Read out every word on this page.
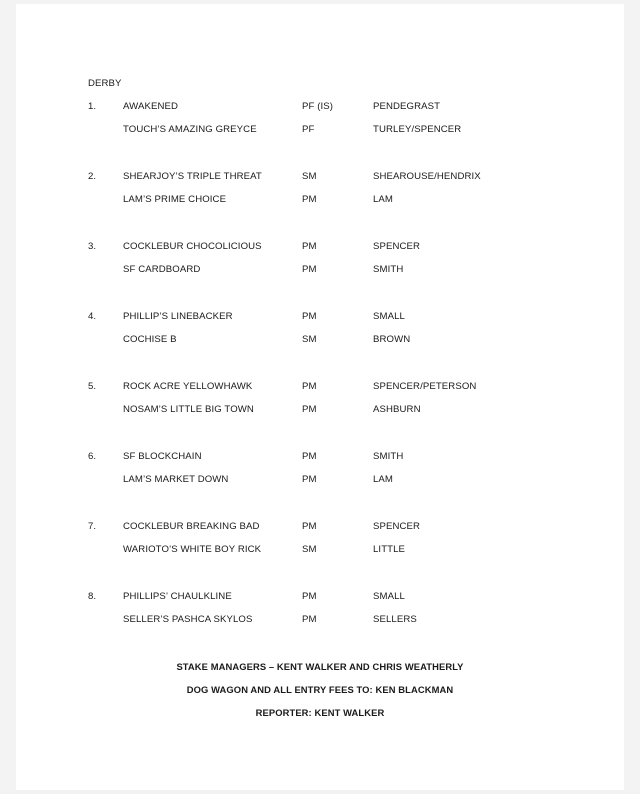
DERBY
1.	AWAKENED	PF (IS)	PENDEGRAST
TOUCH’S AMAZING GREYCE	PF	TURLEY/SPENCER
2.	SHEARJOY’S TRIPLE THREAT	SM	SHEAROUSE/HENDRIX
LAM’S PRIME CHOICE	PM	LAM
3.	COCKLEBUR CHOCOLICIOUS	PM	SPENCER
SF CARDBOARD	PM	SMITH
4.	PHILLIP’S LINEBACKER	PM	SMALL
COCHISE B	SM	BROWN
5.	ROCK ACRE YELLOWHAWK	PM	SPENCER/PETERSON
NOSAM’S LITTLE BIG TOWN	PM	ASHBURN
6.	SF BLOCKCHAIN	PM	SMITH
LAM’S MARKET DOWN	PM	LAM
7.	COCKLEBUR BREAKING BAD	PM	SPENCER
WARIOTO’S WHITE BOY RICK	SM	LITTLE
8.	PHILLIPS’ CHAULKLINE	PM	SMALL
SELLER’S PASHCA SKYLOS	PM	SELLERS
STAKE MANAGERS – KENT WALKER AND CHRIS WEATHERLY
DOG WAGON AND ALL ENTRY FEES TO: KEN BLACKMAN
REPORTER: KENT WALKER
